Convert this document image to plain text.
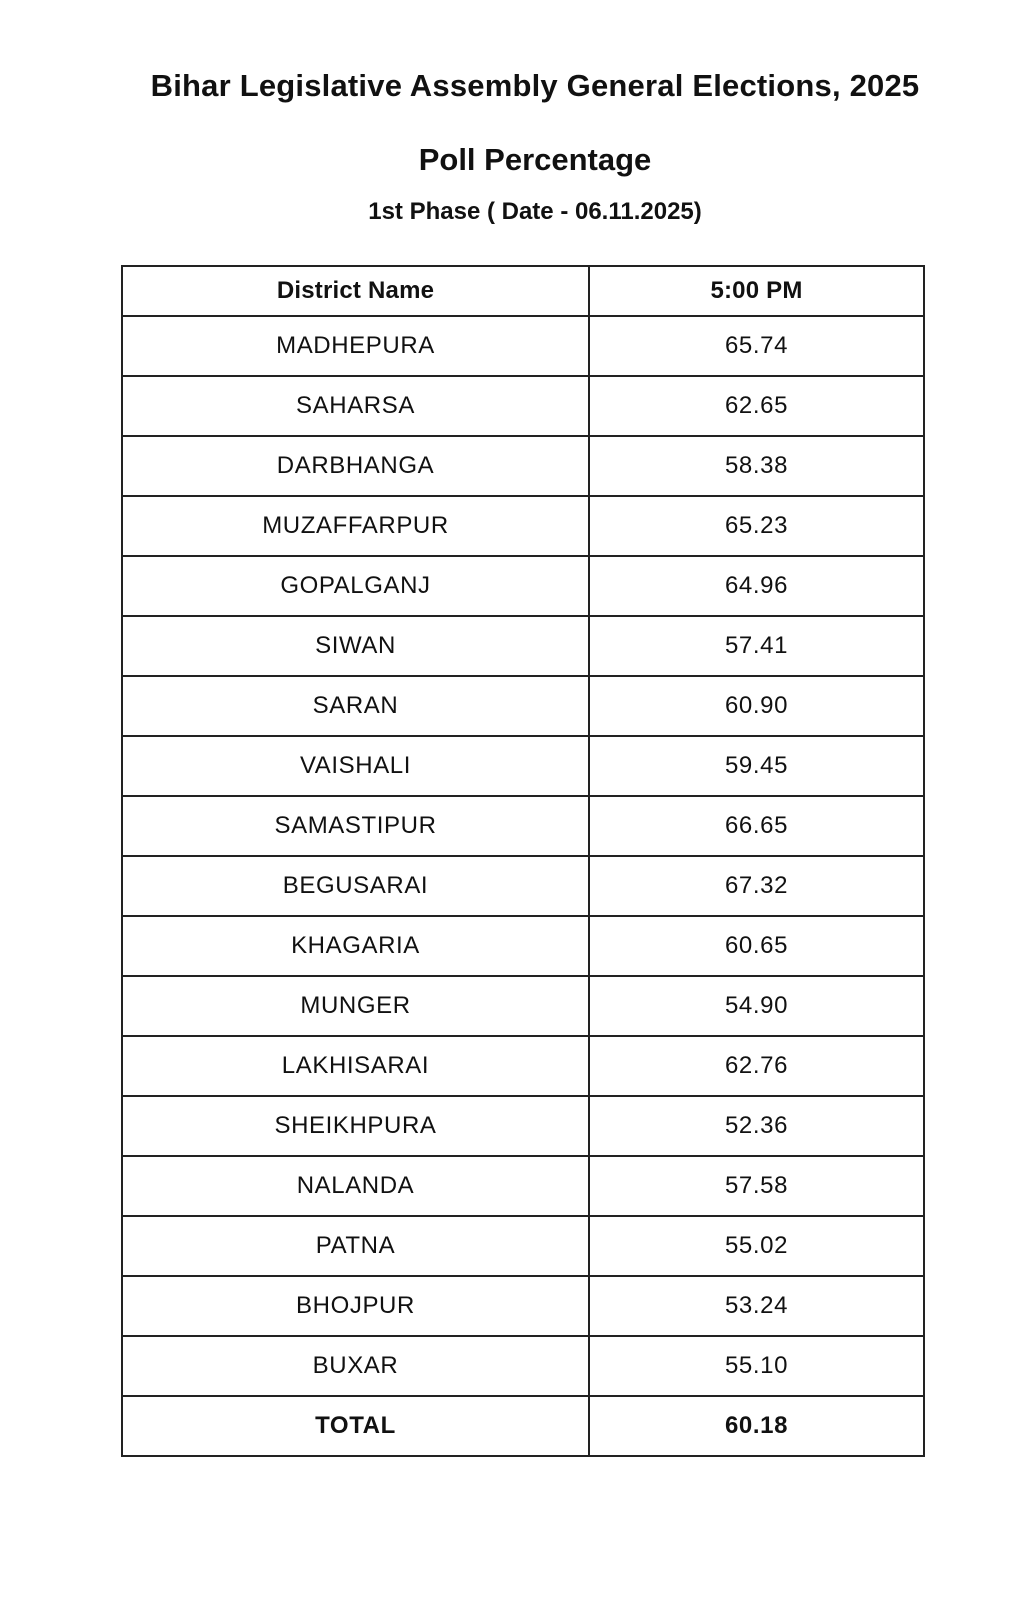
Bihar Legislative Assembly General Elections, 2025
Poll Percentage
1st Phase ( Date - 06.11.2025)
District Name	5:00 PM
MADHEPURA	65.74
SAHARSA	62.65
DARBHANGA	58.38
MUZAFFARPUR	65.23
GOPALGANJ	64.96
SIWAN	57.41
SARAN	60.90
VAISHALI	59.45
SAMASTIPUR	66.65
BEGUSARAI	67.32
KHAGARIA	60.65
MUNGER	54.90
LAKHISARAI	62.76
SHEIKHPURA	52.36
NALANDA	57.58
PATNA	55.02
BHOJPUR	53.24
BUXAR	55.10
TOTAL	60.18
